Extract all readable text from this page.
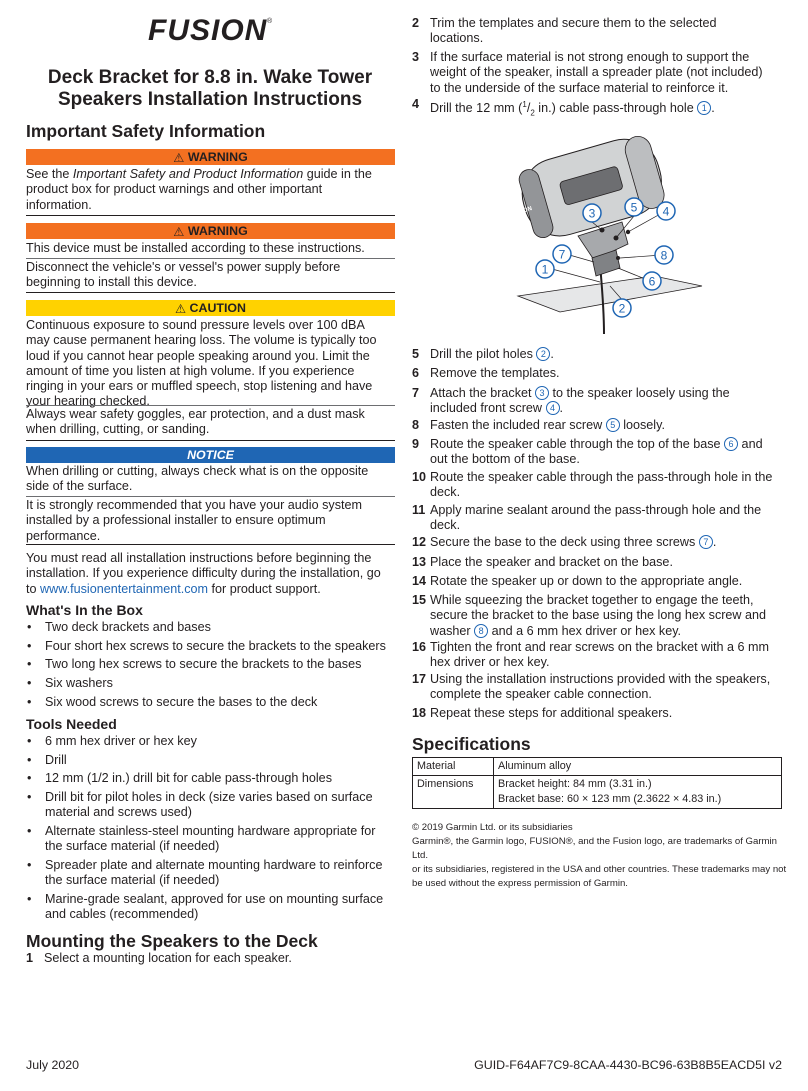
FUSION ®
Deck Bracket for 8.8 in. Wake Tower
Speakers Installation Instructions
Important Safety Information
⚠ WARNING
See the Important Safety and Product Information guide in the
product box for product warnings and other important
information.
⚠ WARNING
This device must be installed according to these instructions.
Disconnect the vehicle's or vessel's power supply before
beginning to install this device.
⚠ CAUTION
Continuous exposure to sound pressure levels over 100 dBA
may cause permanent hearing loss. The volume is typically too
loud if you cannot hear people speaking around you. Limit the
amount of time you listen at high volume. If you experience
ringing in your ears or muffled speech, stop listening and have
your hearing checked.
Always wear safety goggles, ear protection, and a dust mask
when drilling, cutting, or sanding.
NOTICE
When drilling or cutting, always check what is on the opposite
side of the surface.
It is strongly recommended that you have your audio system
installed by a professional installer to ensure optimum
performance.
You must read all installation instructions before beginning the
installation. If you experience difficulty during the installation, go
to www.fusionentertainment.com for product support.
What's In the Box
• Two deck brackets and bases
• Four short hex screws to secure the brackets to the speakers
• Two long hex screws to secure the brackets to the bases
• Six washers
• Six wood screws to secure the bases to the deck
Tools Needed
• 6 mm hex driver or hex key
• Drill
• 12 mm (1/2 in.) drill bit for cable pass-through holes
• Drill bit for pilot holes in deck (size varies based on surface material and screws used)
• Alternate stainless-steel mounting hardware appropriate for the surface material (if needed)
• Spreader plate and alternate mounting hardware to reinforce the surface material (if needed)
• Marine-grade sealant, approved for use on mounting surface and cables (recommended)
Mounting the Speakers to the Deck
1 Select a mounting location for each speaker.
2 Trim the templates and secure them to the selected
locations.
3 If the surface material is not strong enough to support the
weight of the speaker, install a spreader plate (not included)
to the underside of the surface material to reinforce it.
4 Drill the 12 mm ($^1/_2$ in.) cable pass-through hole 1 .
FUSION	3	5 4
7	8
1
6
2
5 Drill the pilot holes 2 .
6 Remove the templates.
7 Attach the bracket 3 to the speaker loosely using the
included front screw 4 .
8 Fasten the included rear screw 5 loosely.
9 Route the speaker cable through the top of the base 6 and
out the bottom of the base.
10 Route the speaker cable through the pass-through hole in the
deck.
11 Apply marine sealant around the pass-through hole and the
deck.
12 Secure the base to the deck using three screws 7 .
13 Place the speaker and bracket on the base.
14 Rotate the speaker up or down to the appropriate angle.
15 While squeezing the bracket together to engage the teeth,
secure the bracket to the base using the long hex screw and
washer 8 and a 6 mm hex driver or hex key.
16 Tighten the front and rear screws on the bracket with a 6 mm
hex driver or hex key.
17 Using the installation instructions provided with the speakers,
complete the speaker cable connection.
18 Repeat these steps for additional speakers.
Specifications
Material	Aluminum alloy
Dimensions	Bracket height: 84 mm (3.31 in.)
Bracket base: 60 × 123 mm (2.3622 × 4.83 in.)
© 2019 Garmin Ltd. or its subsidiaries
Garmin®, the Garmin logo, FUSION®, and the Fusion logo, are trademarks of Garmin Ltd.
or its subsidiaries, registered in the USA and other countries. These trademarks may not
be used without the express permission of Garmin.
July 2020	GUID-F64AF7C9-8CAA-4430-BC96-63B8B5EACD5I v2
